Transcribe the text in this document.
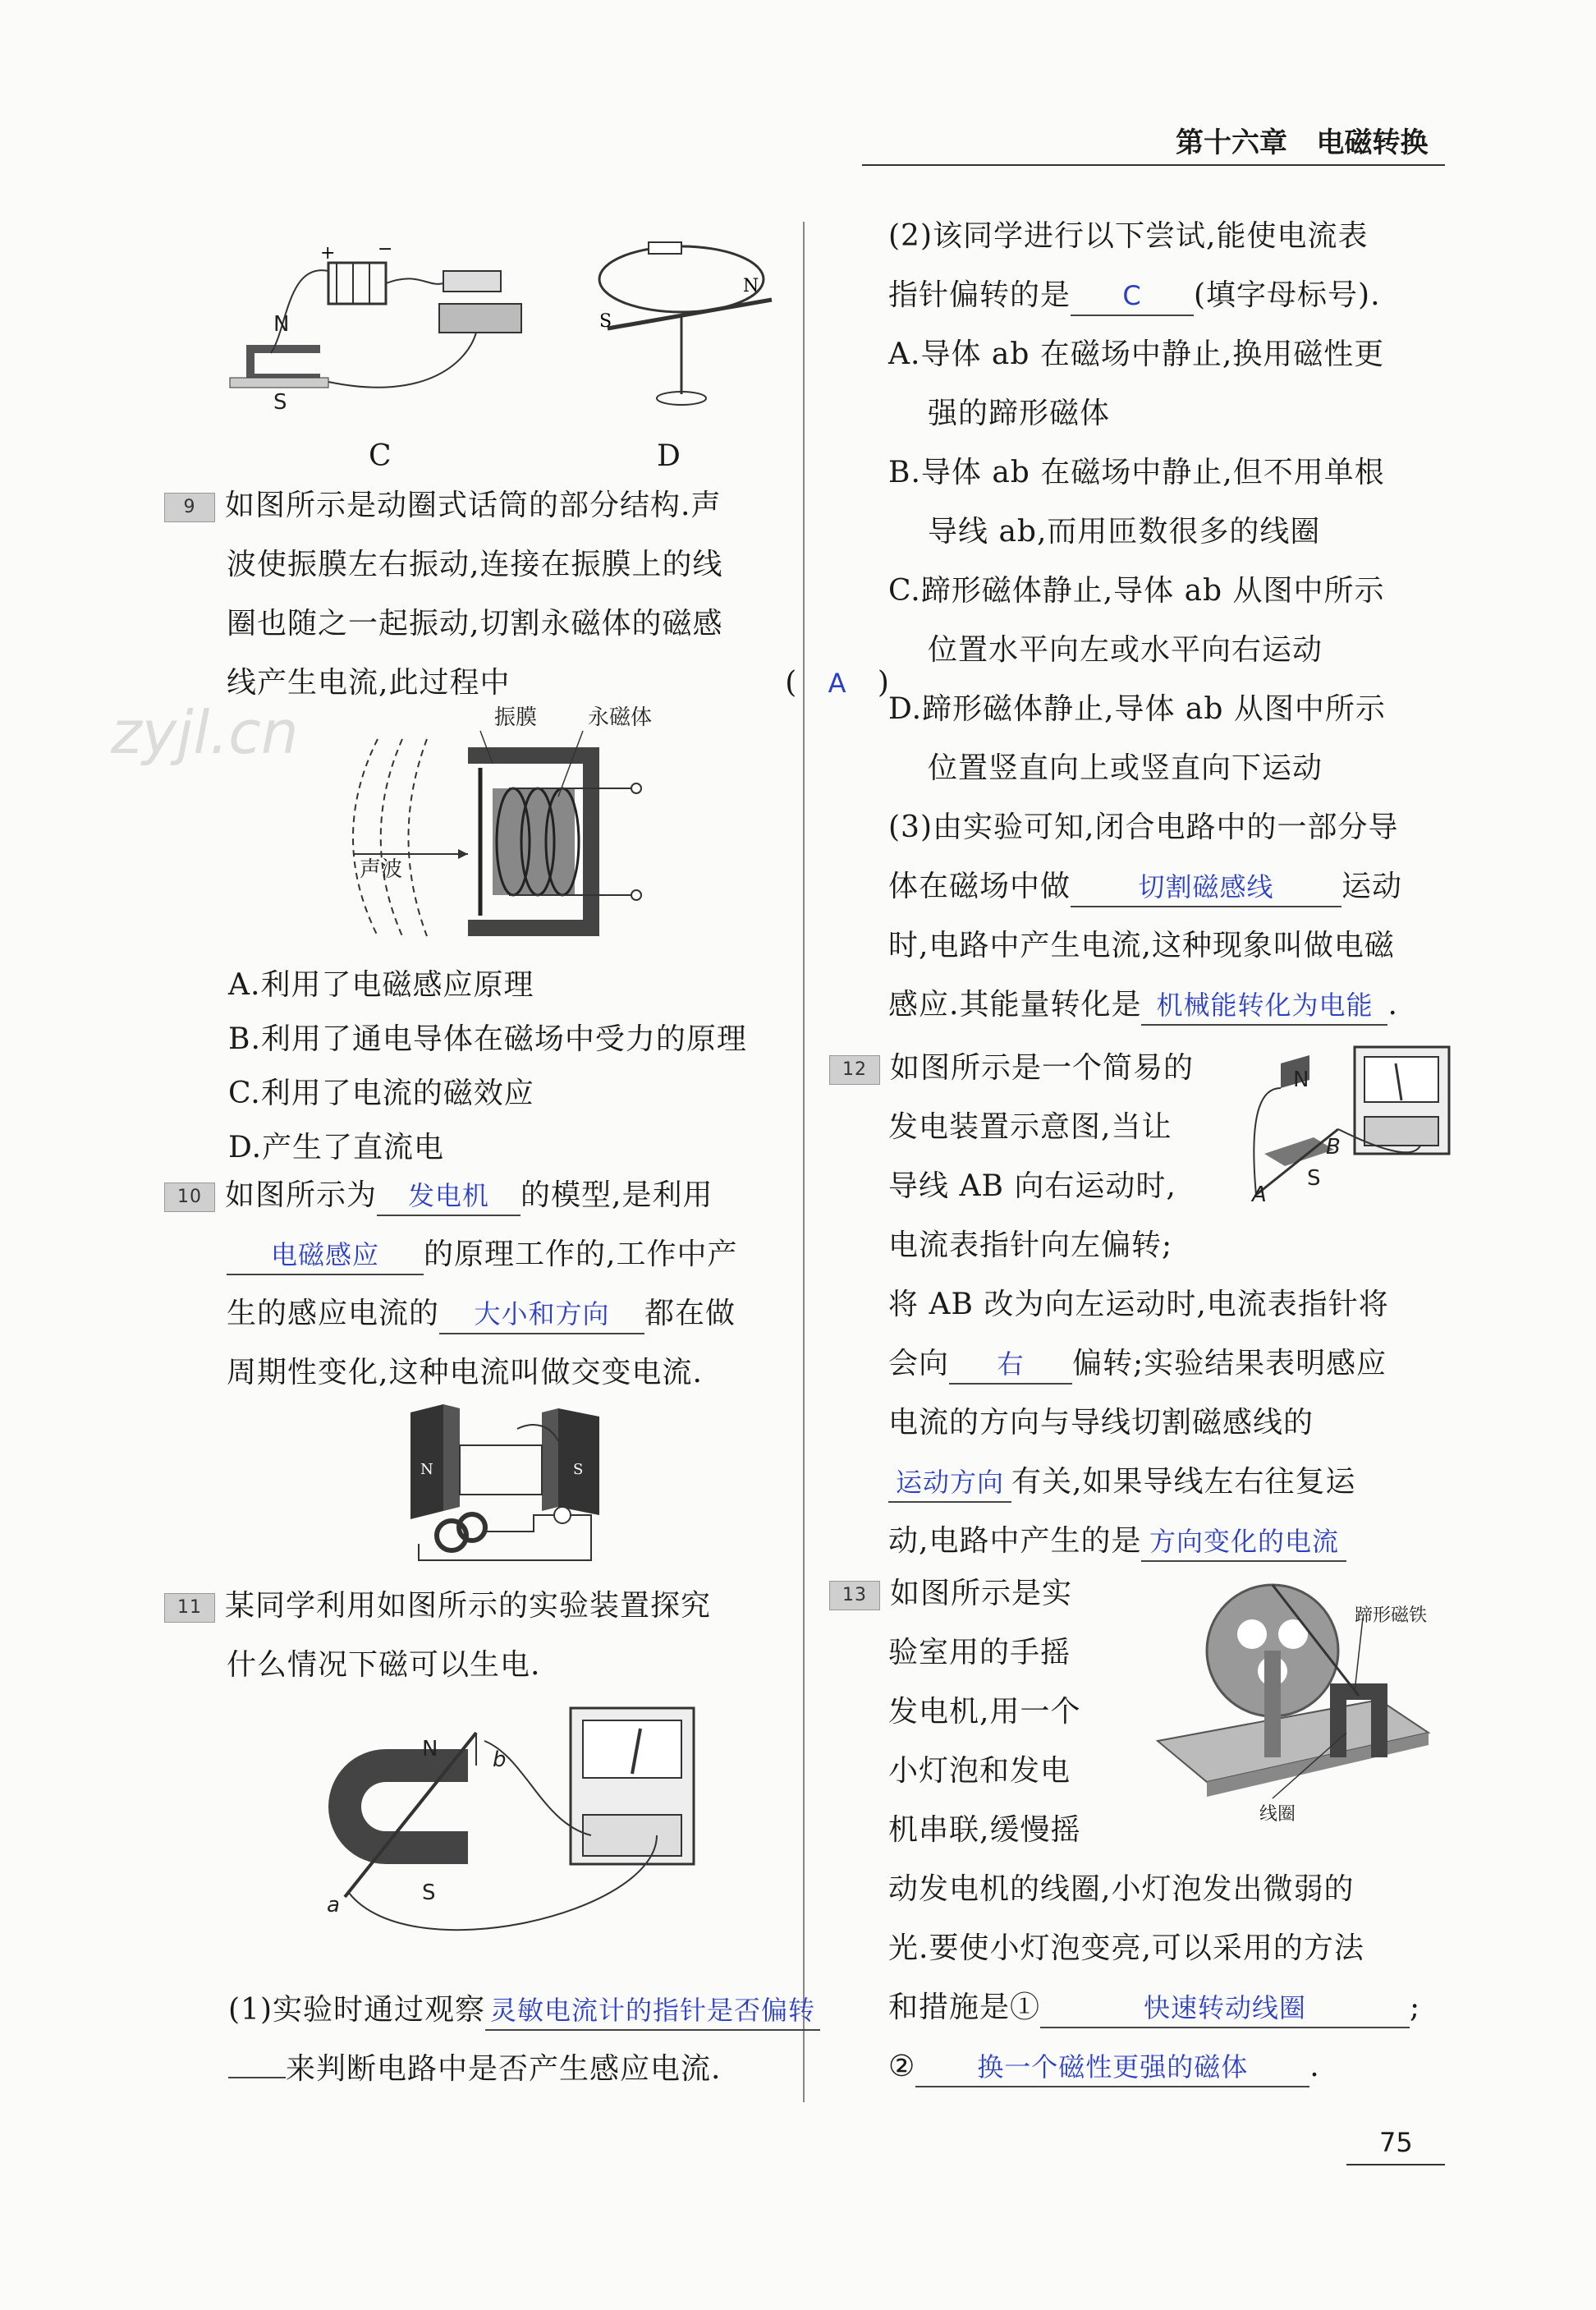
第十六章 电磁转换
zyjl.cn
+ −
N
S
C
S
N
D
9 如图所示是动圈式话筒的部分结构.声
波使振膜左右振动,连接在振膜上的线
圈也随之一起振动,切割永磁体的磁感
线产生电流,此过程中	( A )
振膜 永磁体
声波
A.利用了电磁感应原理
B.利用了通电导体在磁场中受力的原理
C.利用了电流的磁效应
D.产生了直流电
10 如图所示为 发电机 的模型,是利用
电磁感应 的原理工作的,工作中产
生的感应电流的 大小和方向 都在做
周期性变化,这种电流叫做交变电流.
N	S
11 某同学利用如图所示的实验装置探究
什么情况下磁可以生电.
N
S
a
b
(1)实验时通过观察 灵敏电流计的指针是否偏转
来判断电路中是否产生感应电流.
(2)该同学进行以下尝试,能使电流表
指针偏转的是 C (填字母标号).
A.导体 ab 在磁场中静止,换用磁性更
强的蹄形磁体
B.导体 ab 在磁场中静止,但不用单根
导线 ab,而用匝数很多的线圈
C.蹄形磁体静止,导体 ab 从图中所示
位置水平向左或水平向右运动
D.蹄形磁体静止,导体 ab 从图中所示
位置竖直向上或竖直向下运动
(3)由实验可知,闭合电路中的一部分导
体在磁场中做	切割磁感线 运动
时,电路中产生电流,这种现象叫做电磁
感应.其能量转化是 机械能转化为电能 .
12 如图所示是一个简易的
发电装置示意图,当让
导线 AB 向右运动时,
电流表指针向左偏转;
将 AB 改为向左运动时,电流表指针将
会向 右 偏转;实验结果表明感应
电流的方向与导线切割磁感线的
运动方向 有关,如果导线左右往复运
动,电路中产生的是 方向变化的电流
N
S
A
B
13 如图所示是实
验室用的手摇
发电机,用一个
小灯泡和发电
机串联,缓慢摇
动发电机的线圈,小灯泡发出微弱的
光.要使小灯泡变亮,可以采用的方法
和措施是①	快速转动线圈	;
② 换一个磁性更强的磁体 .
蹄形磁铁
线圈
75
